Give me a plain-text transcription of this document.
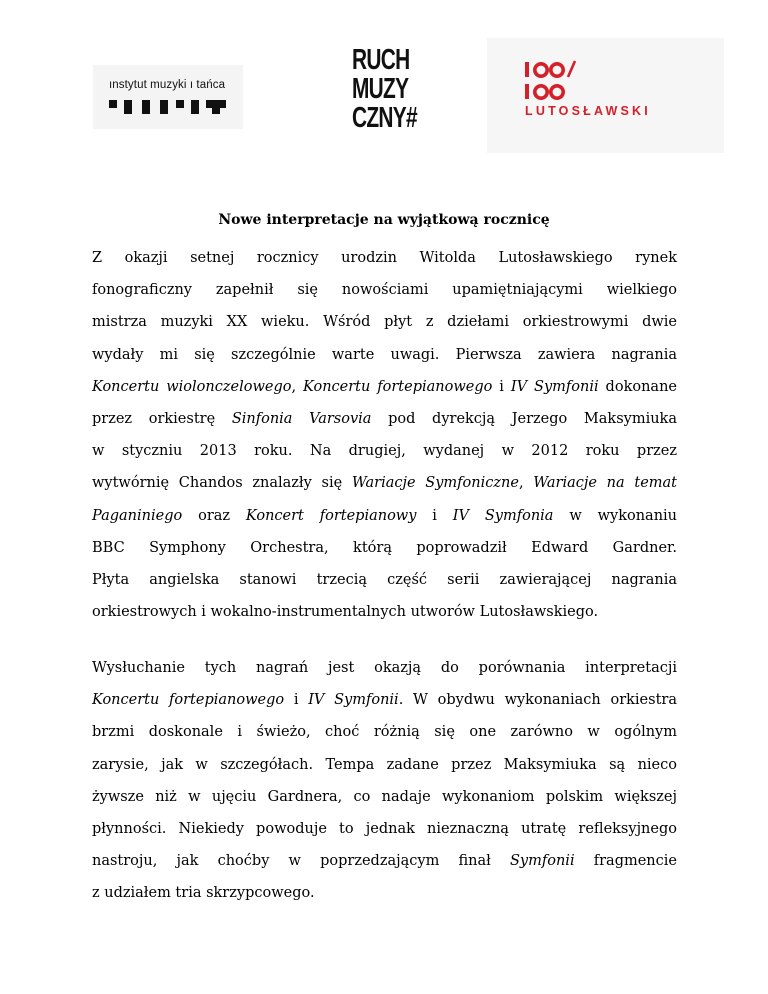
ınstytut muzyki ı tańca
RUCH
MUZY
CZNY#	LUTOSŁAWSKI
Nowe interpretacje na wyjątkową rocznicę
Z okazji setnej rocznicy urodzin Witolda Lutosławskiego rynek
fonograficzny zapełnił się nowościami upamiętniającymi wielkiego
mistrza muzyki XX wieku. Wśród płyt z dziełami orkiestrowymi dwie
wydały mi się szczególnie warte uwagi. Pierwsza zawiera nagrania
Koncertu wiolonczelowego, Koncertu fortepianowego i IV Symfonii dokonane
przez orkiestrę Sinfonia Varsovia pod dyrekcją Jerzego Maksymiuka
w styczniu 2013 roku. Na drugiej, wydanej w 2012 roku przez
wytwórnię Chandos znalazły się Wariacje Symfoniczne, Wariacje na temat
Paganiniego oraz Koncert fortepianowy i IV Symfonia w wykonaniu
BBC Symphony Orchestra, którą poprowadził Edward Gardner.
Płyta angielska stanowi trzecią część serii zawierającej nagrania
orkiestrowych i wokalno-instrumentalnych utworów Lutosławskiego.
Wysłuchanie tych nagrań jest okazją do porównania interpretacji
Koncertu fortepianowego i IV Symfonii. W obydwu wykonaniach orkiestra
brzmi doskonale i świeżo, choć różnią się one zarówno w ogólnym
zarysie, jak w szczegółach. Tempa zadane przez Maksymiuka są nieco
żywsze niż w ujęciu Gardnera, co nadaje wykonaniom polskim większej
płynności. Niekiedy powoduje to jednak nieznaczną utratę refleksyjnego
nastroju, jak choćby w poprzedzającym finał Symfonii fragmencie
z udziałem tria skrzypcowego.
